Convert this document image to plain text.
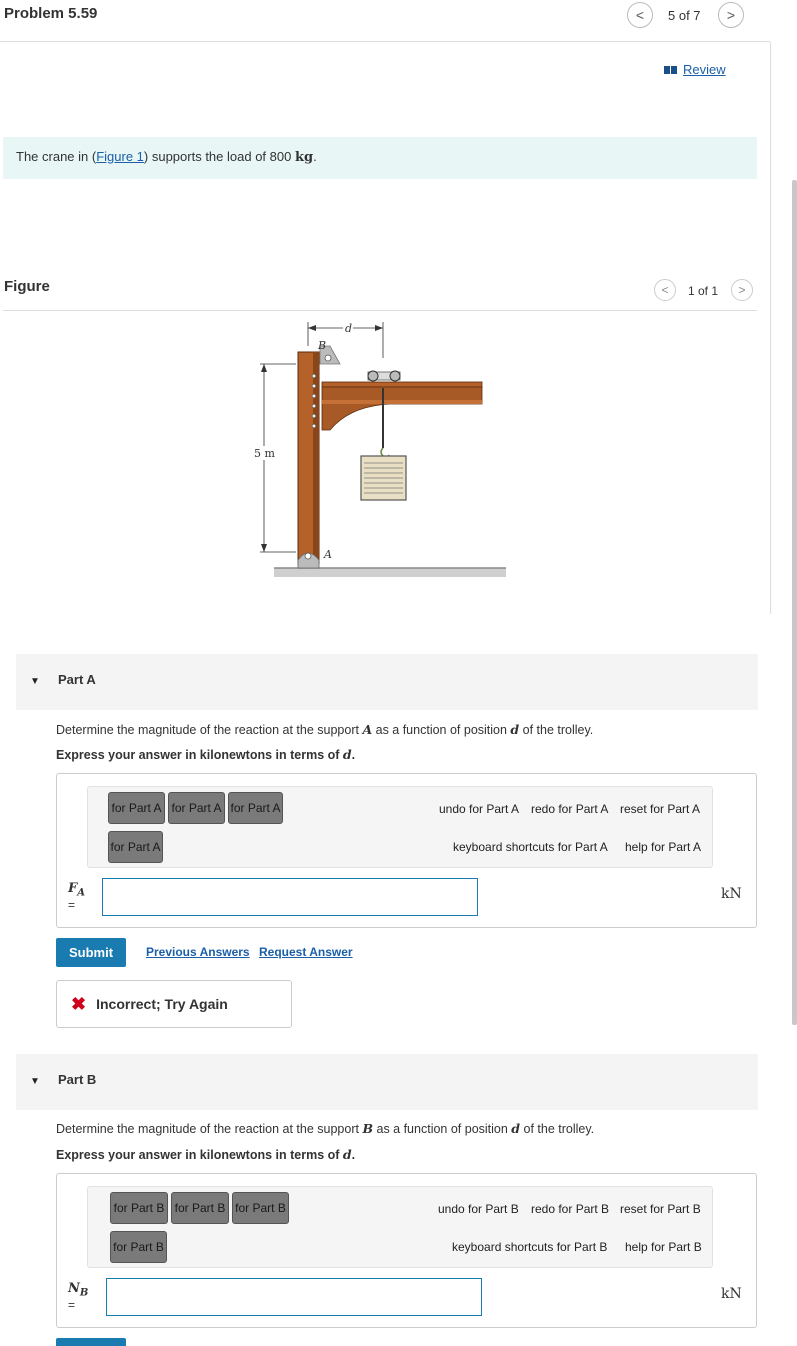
Problem 5.59	< 5 of 7 >
Review
The crane in (Figure 1) supports the load of 800 kg.
Figure	< 1 of 1 >
5 m
d
B
A
▼ Part A
Determine the magnitude of the reaction at the support A as a function of position d of the trolley.
Express your answer in kilonewtons in terms of d.
for Part A for Part A for Part A
for Part A
undo for Part A redo for Part A reset for Part A
keyboard shortcuts for Part A help for Part A
$F_A$
=
kN
Submit	Previous Answers Request Answer
✖ Incorrect; Try Again
▼ Part B
Determine the magnitude of the reaction at the support B as a function of position d of the trolley.
Express your answer in kilonewtons in terms of d.
for Part B for Part B for Part B
for Part B
undo for Part B redo for Part B reset for Part B
keyboard shortcuts for Part B help for Part B
$N_B$
=
kN
